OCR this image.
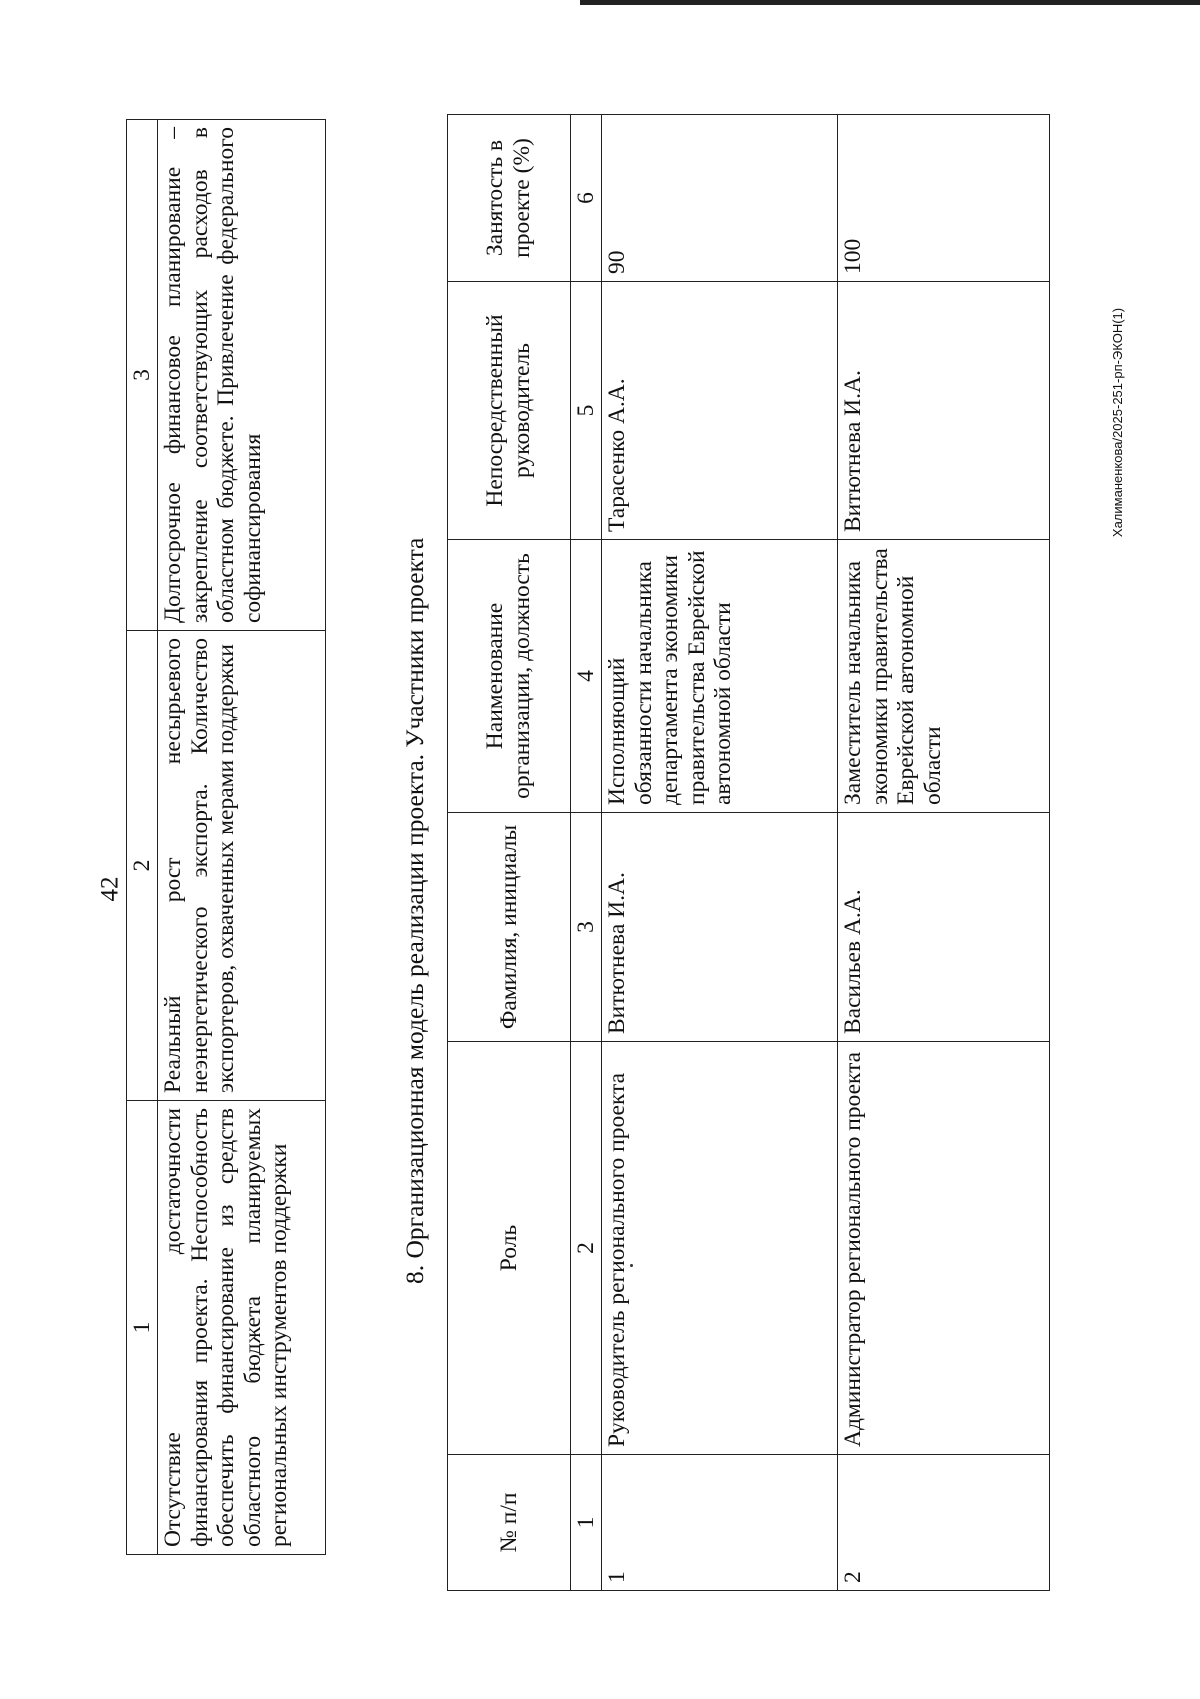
42
1	2	3
Отсутствие достаточности финансирования проекта. Неспособность обеспечить финансирование из средств областного бюджета планируемых региональных инструментов поддержки	Реальный рост несырьевого неэнергетического экспорта. Количество экспортеров, охваченных мерами поддержки	Долгосрочное финансовое планирование – закрепление соответствующих расходов в областном бюджете. Привлечение федерального софинансирования
8. Организационная модель реализации проекта. Участники проекта
№ п/п	Роль	Фамилия, инициалы	Наименование организации, должность	Непосредственный руководитель	Занятость в проекте (%)
1	2	3	4	5	6
1	Руководитель регионального проекта	Витютнева И.А.	Исполняющий обязанности начальника департамента экономики правительства Еврейской автономной области	Тарасенко А.А.	90
2	Администратор регионального проекта	Васильев А.А.	Заместитель начальника экономики правительства Еврейской автономной области	Витютнева И.А.	100
Халиманенкова/2025-251-рп-ЭКОН(1)
